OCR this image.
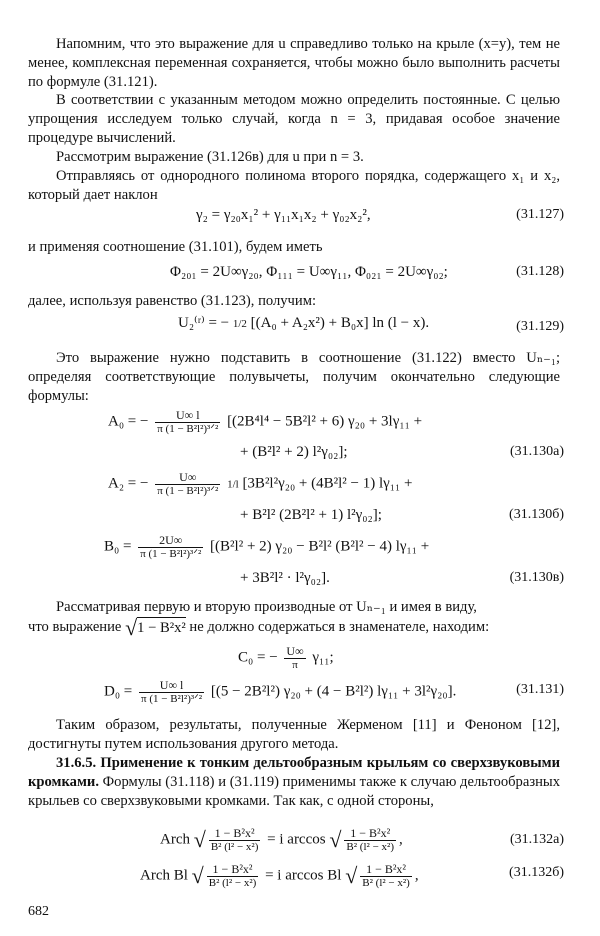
Напомним, что это выражение для u справедливо только на крыле (x=y), тем не менее, комплексная переменная сохраняется, чтобы можно было выполнить расчеты по формуле (31.121).

В соответствии с указанным методом можно определить постоянные. С целью упрощения исследуем только случай, когда n = 3, придавая особое значение процедуре вычислений.

Рассмотрим выражение (31.126в) для u при n = 3.

Отправляясь от однородного полинома второго порядка, содержащего x₁ и x₂, который дает наклон

γ₂ = γ₂₀x₁² + γ₁₁x₁x₂ + γ₀₂x₂²,	(31.127)

и применяя соотношение (31.101), будем иметь

Φ₂₀₁ = 2U∞γ₂₀, Φ₁₁₁ = U∞γ₁₁, Φ₀₂₁ = 2U∞γ₀₂;	(31.128)

далее, используя равенство (31.123), получим:

U₂⁽ʳ⁾ = − 1/2 [(A₀ + A₂x²) + B₀x] ln (l − x).	(31.129)

Это выражение нужно подставить в соотношение (31.122) вместо Uₙ₋₁; определяя соответствующие полувычеты, получим окончательно следующие формулы:

A₀ = − $\frac{U\infty l}{\text{π (1 − B²l²)³ᐟ²}} [(2B^4l^4 - 5B^2l^2 + 6) \gamma_{20} + 3l\gamma_{11}$ +
+ (B²l² + 2) l²γ₀₂];	(31.130а)
A₂ = − $\frac{U\infty}{\text{π (1 − B²l²)³ᐟ²}} 1/l$ [3B²l²γ₂₀ + (4B²l² − 1) lγ₁₁ +
+ B²l² (2B²l² + 1) l²γ₀₂];	(31.130б)
$B_0 = \frac{2U\infty}{\text{π (1 − B²l²)³ᐟ²}} [(B^2l^2 + 2) \gamma_{20} - B^2l^2$ (B²l² − 4) lγ₁₁ +
+ 3B²l² · l²γ₀₂].	(31.130в)

Рассматривая первую и вторую производные от Uₙ₋₁ и имея в виду,

что выражение √1 − B²x² не должно содержаться в знаменателе, находим:
C₀ = − $\frac{U\infty}{\pi} \gamma_{11}$;
$D_0 = \frac{U\infty l}{\text{π (1 − B²l²)³ᐟ²}} [(5 - 2B^2l^2) \gamma_{20} + (4 - B^2l^2) l\gamma_{11} + 3l^2\gamma_{20}]$.	(31.131)

Таким образом, результаты, полученные Жерменом [11] и Феноном [12], достигнуты путем использования другого метода.

31.6.5. Применение к тонким дельтообразным крыльям со сверхзвуковыми кромками. Формулы (31.118) и (31.119) применимы также к случаю дельтообразных крыльев со сверхзвуковыми кромками. Так как, с одной стороны,

Arch √ $\frac{\text{1 − B²x²}}{\text{B² (l² − x²)}} = i$ arccos √ $\frac{\text{1 − B²x²}}{\text{B² (l² − x²)}}$ ,	(31.132а)
Arch Bl √ $\frac{\text{1 − B²x²}}{\text{B² (l² − x²)}} = i$ arccos Bl √ $\frac{\text{1 − B²x²}}{\text{B² (l² − x²)}}$ ,	(31.132б)
682
